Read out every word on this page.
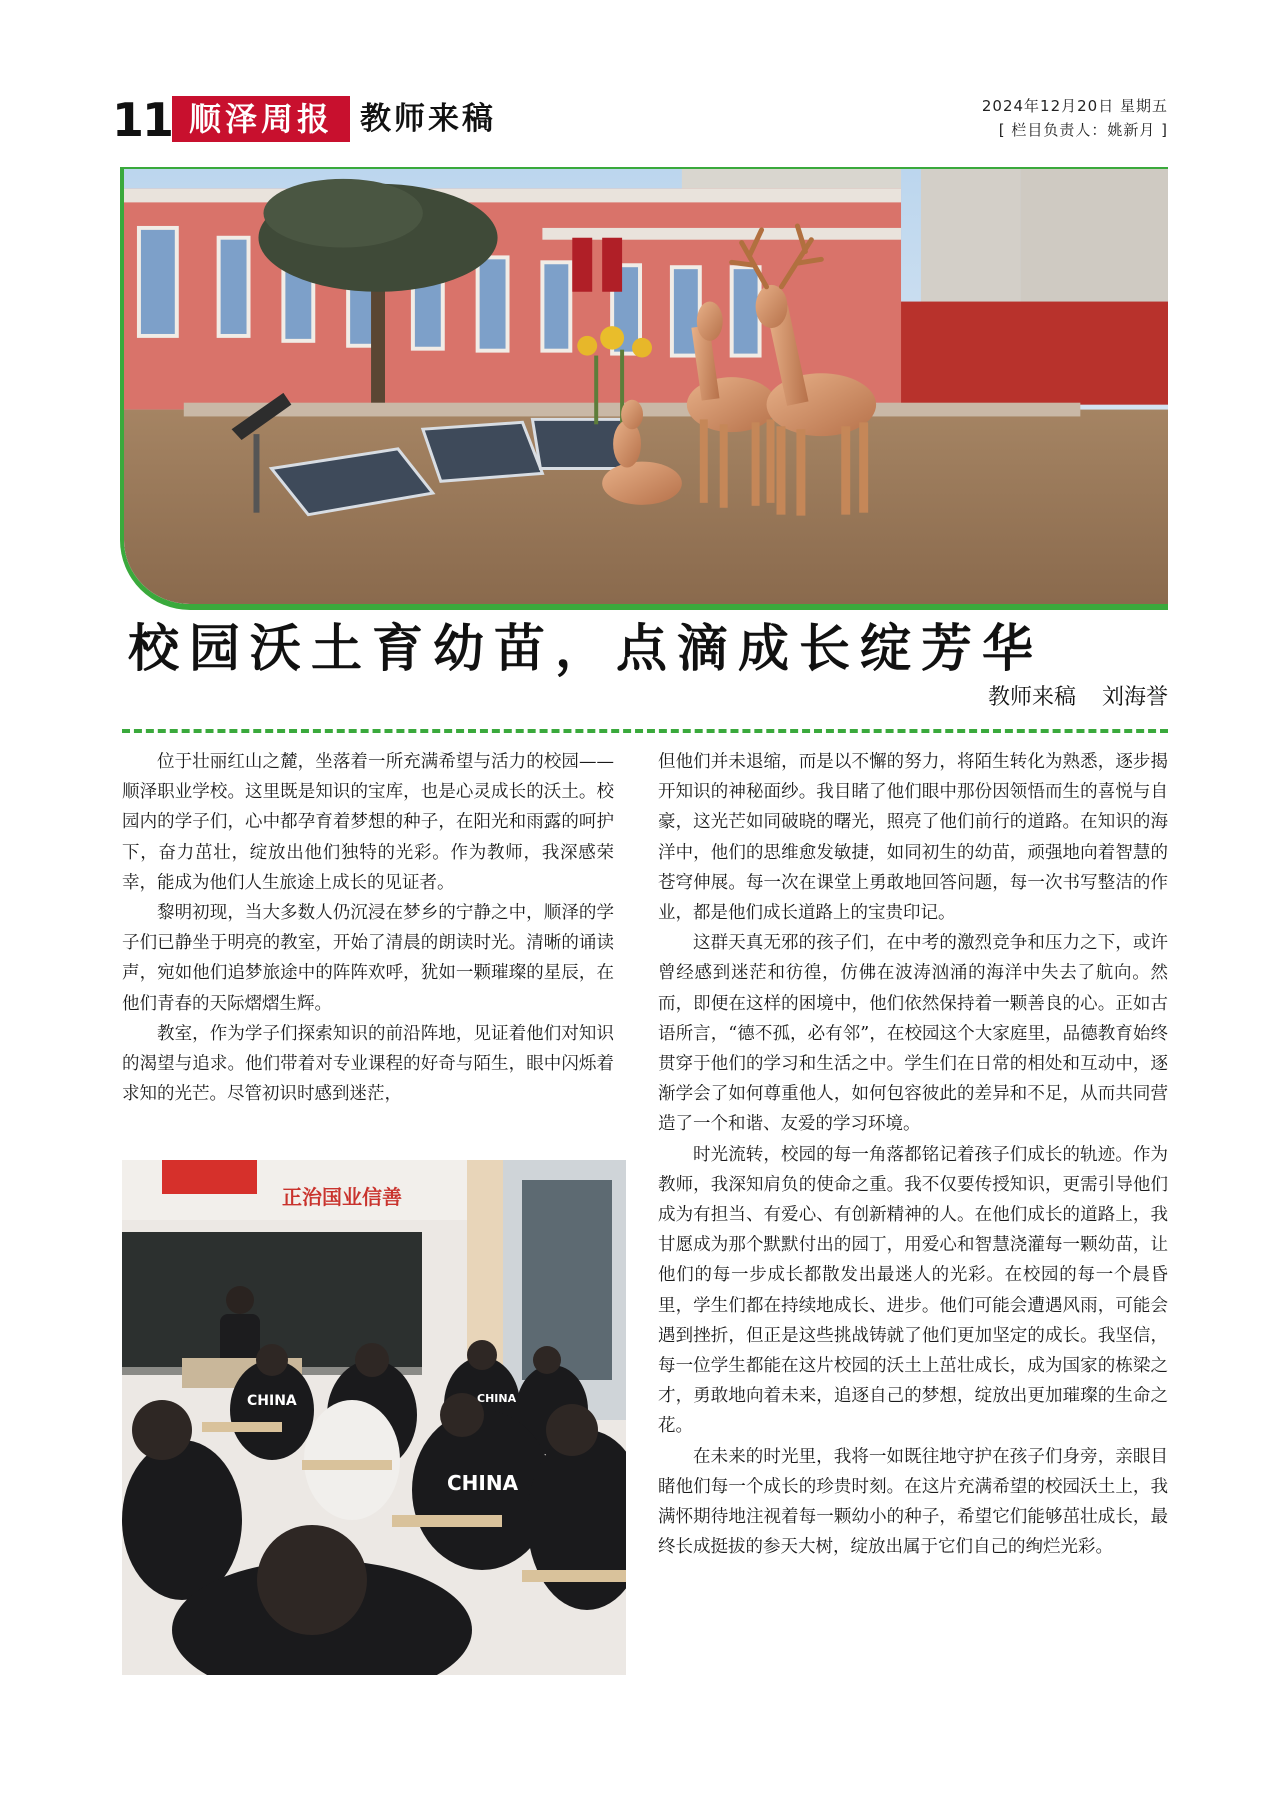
11 顺泽周报 教师来稿	2024年12月20日 星期五
[ 栏目负责人：姚新月 ]
校园沃土育幼苗，点滴成长绽芳华
教师来稿 刘海誉

位于壮丽红山之麓，坐落着一所充满希望与活力的校园——顺泽职业学校。这里既是知识的宝库，也是心灵成长的沃土。校园内的学子们，心中都孕育着梦想的种子，在阳光和雨露的呵护下，奋力茁壮，绽放出他们独特的光彩。作为教师，我深感荣幸，能成为他们人生旅途上成长的见证者。

黎明初现，当大多数人仍沉浸在梦乡的宁静之中，顺泽的学子们已静坐于明亮的教室，开始了清晨的朗读时光。清晰的诵读声，宛如他们追梦旅途中的阵阵欢呼，犹如一颗璀璨的星辰，在他们青春的天际熠熠生辉。

教室，作为学子们探索知识的前沿阵地，见证着他们对知识的渴望与追求。他们带着对专业课程的好奇与陌生，眼中闪烁着求知的光芒。尽管初识时感到迷茫，

正治国业信善
CHINA
CHINA
CHINA

但他们并未退缩，而是以不懈的努力，将陌生转化为熟悉，逐步揭开知识的神秘面纱。我目睹了他们眼中那份因领悟而生的喜悦与自豪，这光芒如同破晓的曙光，照亮了他们前行的道路。在知识的海洋中，他们的思维愈发敏捷，如同初生的幼苗，顽强地向着智慧的苍穹伸展。每一次在课堂上勇敢地回答问题，每一次书写整洁的作业，都是他们成长道路上的宝贵印记。

这群天真无邪的孩子们，在中考的激烈竞争和压力之下，或许曾经感到迷茫和彷徨，仿佛在波涛汹涌的海洋中失去了航向。然而，即便在这样的困境中，他们依然保持着一颗善良的心。正如古语所言，“德不孤，必有邻”，在校园这个大家庭里，品德教育始终贯穿于他们的学习和生活之中。学生们在日常的相处和互动中，逐渐学会了如何尊重他人，如何包容彼此的差异和不足，从而共同营造了一个和谐、友爱的学习环境。

时光流转，校园的每一角落都铭记着孩子们成长的轨迹。作为教师，我深知肩负的使命之重。我不仅要传授知识，更需引导他们成为有担当、有爱心、有创新精神的人。在他们成长的道路上，我甘愿成为那个默默付出的园丁，用爱心和智慧浇灌每一颗幼苗，让他们的每一步成长都散发出最迷人的光彩。在校园的每一个晨昏里，学生们都在持续地成长、进步。他们可能会遭遇风雨，可能会遇到挫折，但正是这些挑战铸就了他们更加坚定的成长。我坚信，每一位学生都能在这片校园的沃土上茁壮成长，成为国家的栋梁之才，勇敢地向着未来，追逐自己的梦想，绽放出更加璀璨的生命之花。

在未来的时光里，我将一如既往地守护在孩子们身旁，亲眼目睹他们每一个成长的珍贵时刻。在这片充满希望的校园沃土上，我满怀期待地注视着每一颗幼小的种子，希望它们能够茁壮成长，最终长成挺拔的参天大树，绽放出属于它们自己的绚烂光彩。
